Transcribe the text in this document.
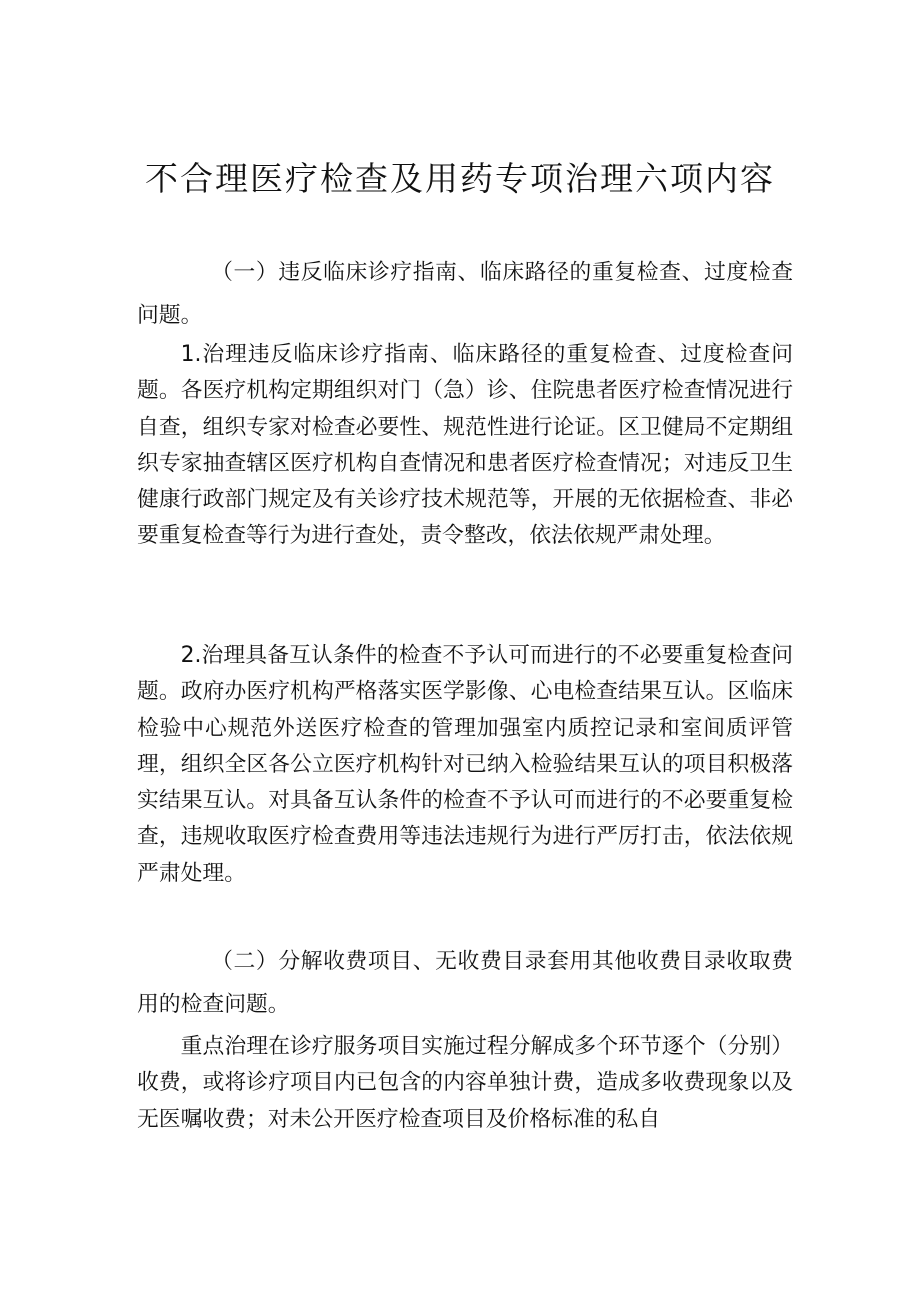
不合理医疗检查及用药专项治理六项内容

（一）违反临床诊疗指南、临床路径的重复检查、过度检查问题。

1.治理违反临床诊疗指南、临床路径的重复检查、过度检查问题。各医疗机构定期组织对门（急）诊、住院患者医疗检查情况进行自查，组织专家对检查必要性、规范性进行论证。区卫健局不定期组织专家抽查辖区医疗机构自查情况和患者医疗检查情况；对违反卫生健康行政部门规定及有关诊疗技术规范等，开展的无依据检查、非必要重复检查等行为进行查处，责令整改，依法依规严肃处理。

2.治理具备互认条件的检查不予认可而进行的不必要重复检查问题。政府办医疗机构严格落实医学影像、心电检查结果互认。区临床检验中心规范外送医疗检查的管理加强室内质控记录和室间质评管理，组织全区各公立医疗机构针对已纳入检验结果互认的项目积极落实结果互认。对具备互认条件的检查不予认可而进行的不必要重复检查，违规收取医疗检查费用等违法违规行为进行严厉打击，依法依规严肃处理。

（二）分解收费项目、无收费目录套用其他收费目录收取费用的检查问题。

重点治理在诊疗服务项目实施过程分解成多个环节逐个（分别）收费，或将诊疗项目内已包含的内容单独计费，造成多收费现象以及无医嘱收费；对未公开医疗检查项目及价格标准的私自
